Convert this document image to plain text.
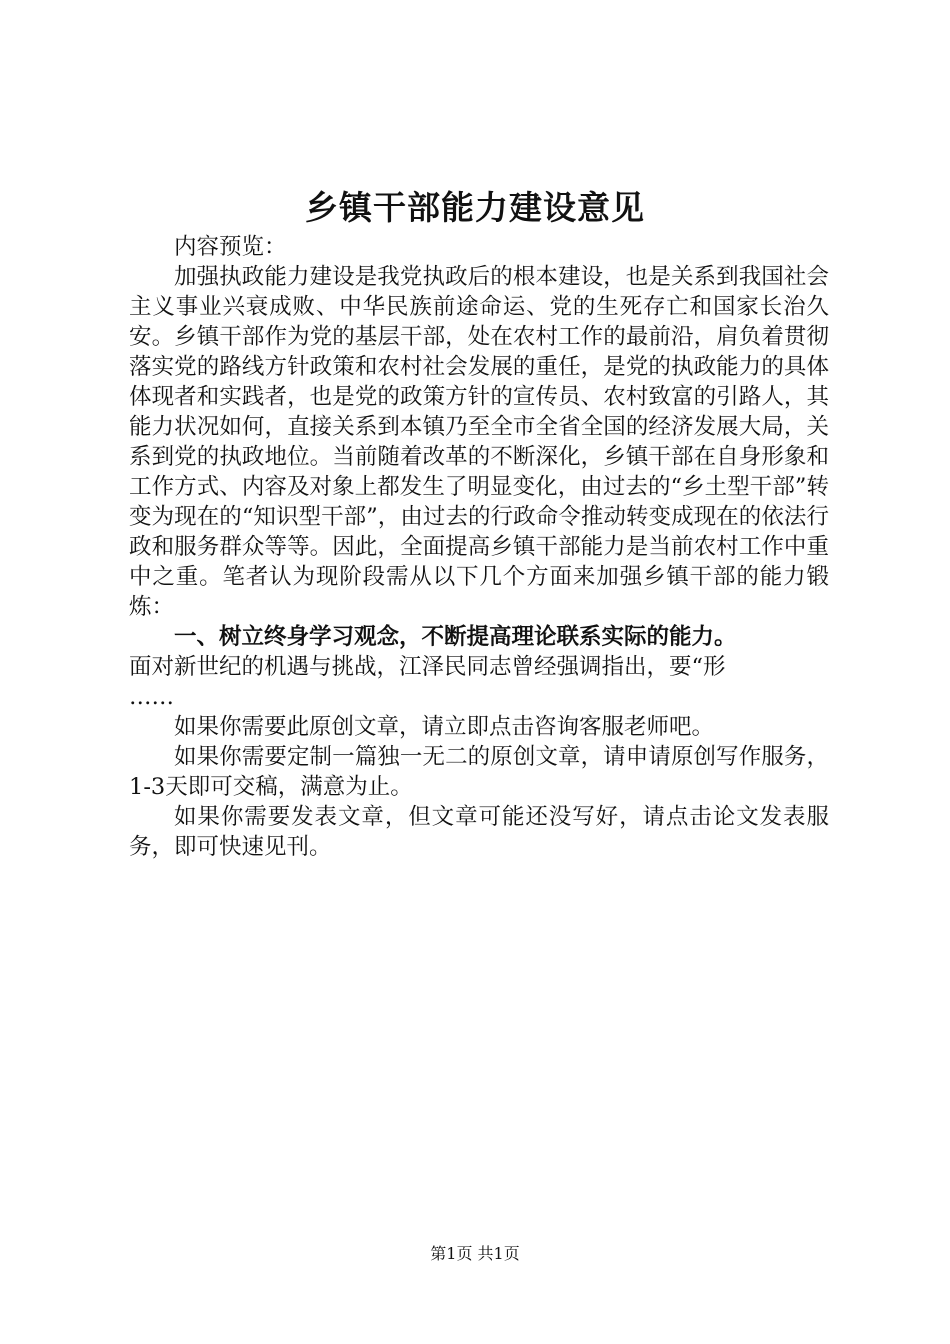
乡镇干部能力建设意见

内容预览：

加强执政能力建设是我党执政后的根本建设，也是关系到我国社会主义事业兴衰成败、中华民族前途命运、党的生死存亡和国家长治久安。乡镇干部作为党的基层干部，处在农村工作的最前沿，肩负着贯彻落实党的路线方针政策和农村社会发展的重任，是党的执政能力的具体体现者和实践者，也是党的政策方针的宣传员、农村致富的引路人，其能力状况如何，直接关系到本镇乃至全市全省全国的经济发展大局，关系到党的执政地位。当前随着改革的不断深化，乡镇干部在自身形象和工作方式、内容及对象上都发生了明显变化，由过去的“乡土型干部”转变为现在的“知识型干部”，由过去的行政命令推动转变成现在的依法行政和服务群众等等。因此，全面提高乡镇干部能力是当前农村工作中重中之重。笔者认为现阶段需从以下几个方面来加强乡镇干部的能力锻炼：

一、树立终身学习观念，不断提高理论联系实际的能力。

面对新世纪的机遇与挑战，江泽民同志曾经强调指出，要“形

……

如果你需要此原创文章，请立即点击咨询客服老师吧。

如果你需要定制一篇独一无二的原创文章，请申请原创写作服务，1-3天即可交稿，满意为止。

如果你需要发表文章，但文章可能还没写好，请点击论文发表服务，即可快速见刊。

第1页 共1页
